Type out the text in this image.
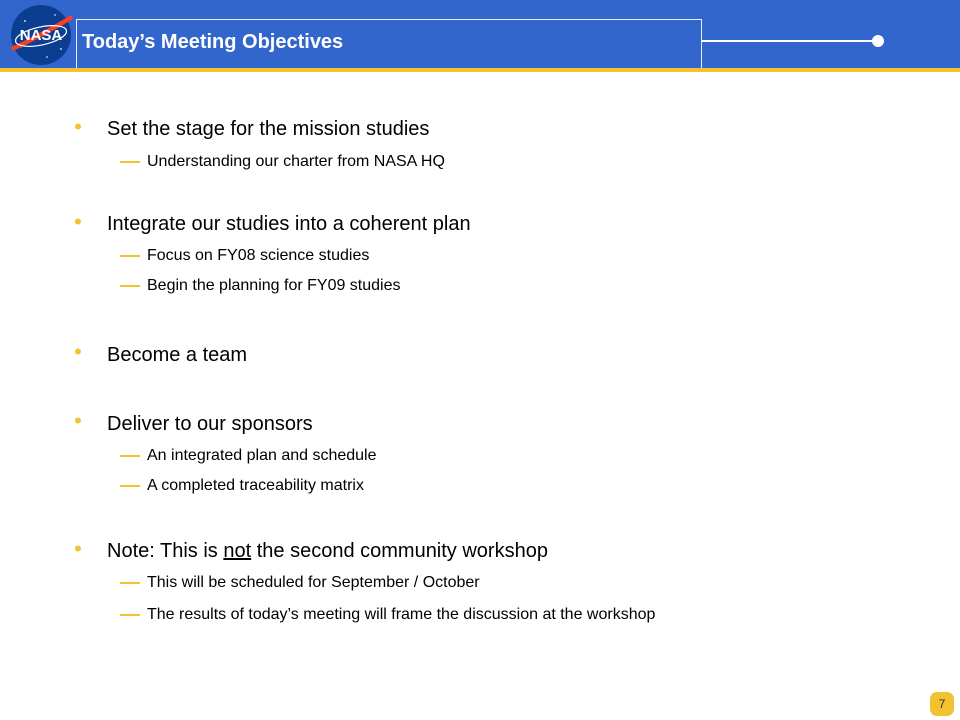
Today’s Meeting Objectives
NASA
• Set the stage for the mission studies
Understanding our charter from NASA HQ
• Integrate our studies into a coherent plan
Focus on FY08 science studies
Begin the planning for FY09 studies
• Become a team
• Deliver to our sponsors
An integrated plan and schedule
A completed traceability matrix
• Note: This is not the second community workshop
This will be scheduled for September / October
The results of today’s meeting will frame the discussion at the workshop
7
